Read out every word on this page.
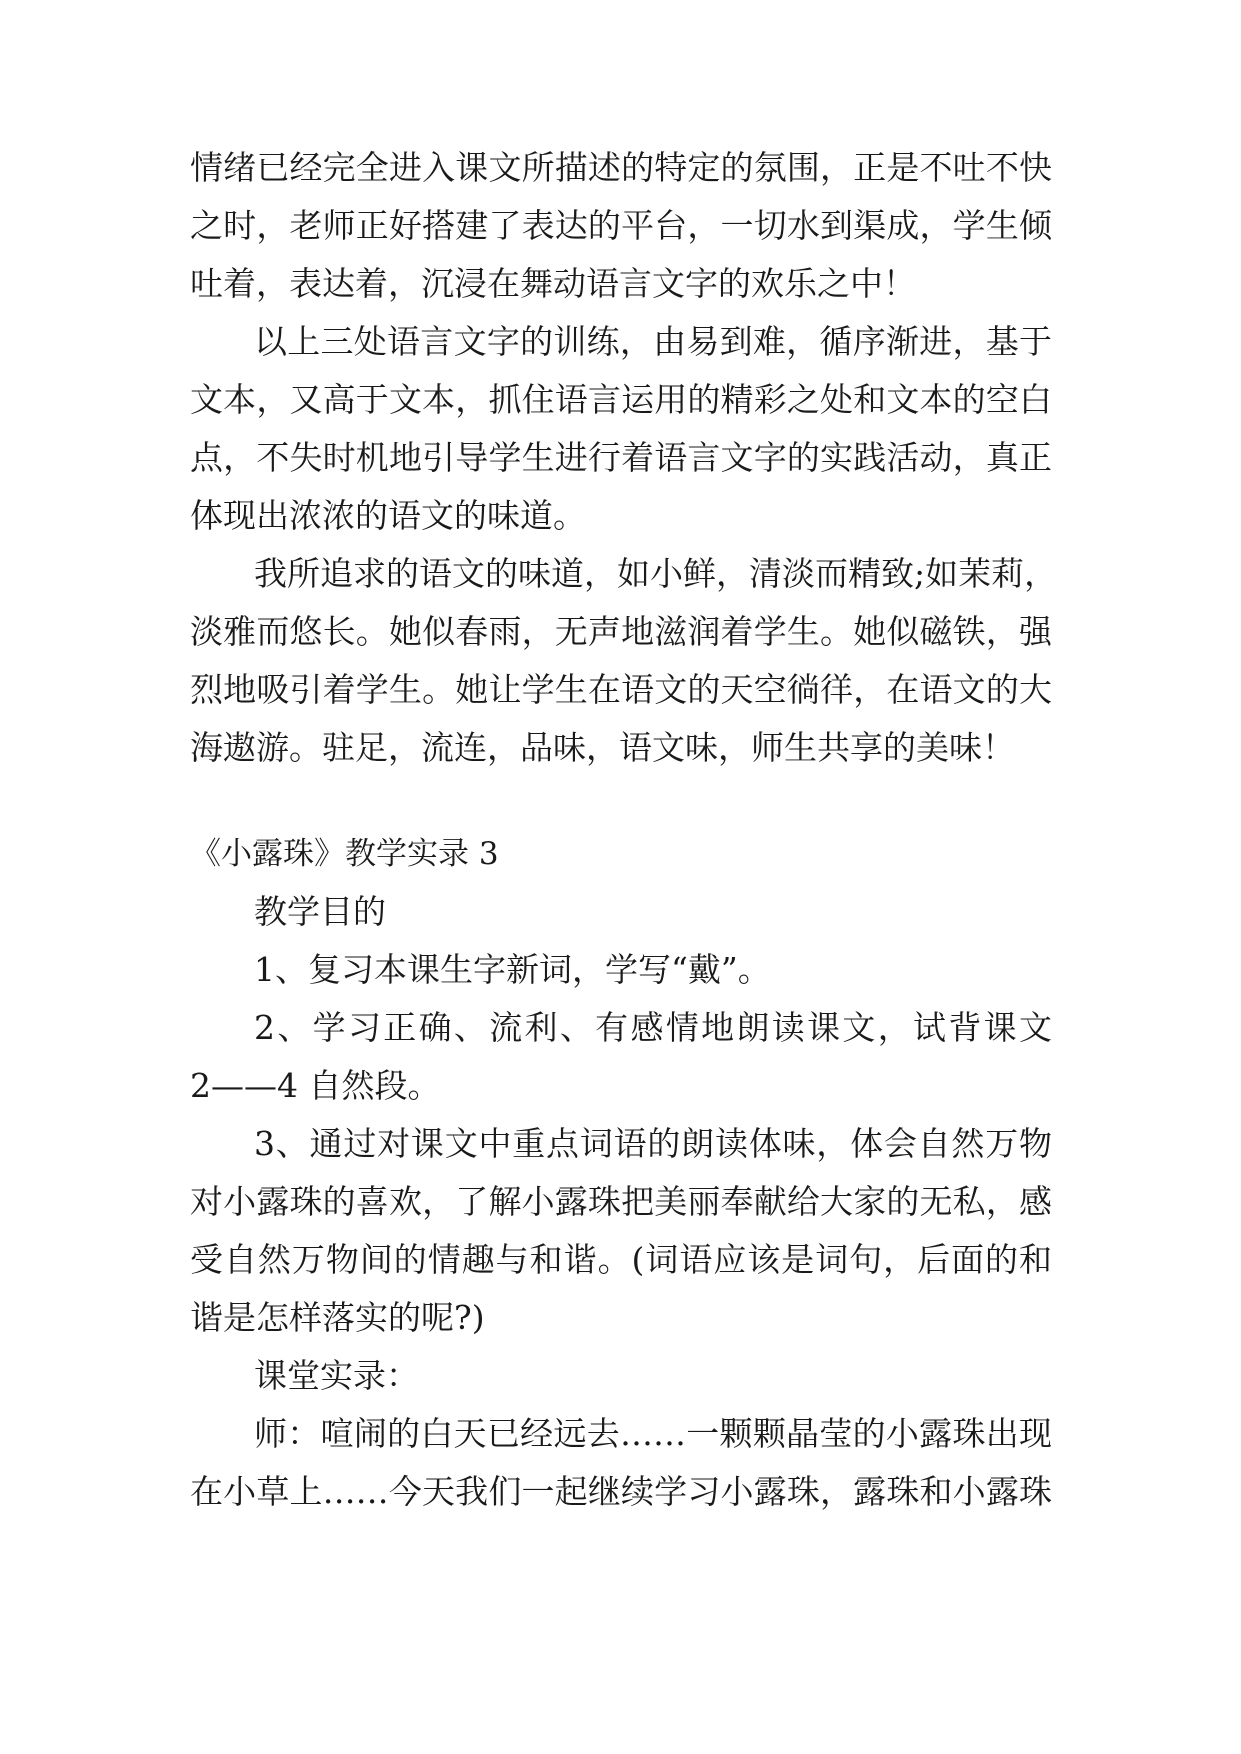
情绪已经完全进入课文所描述的特定的氛围，正是不吐不快
之时，老师正好搭建了表达的平台，一切水到渠成，学生倾
吐着，表达着，沉浸在舞动语言文字的欢乐之中！
以上三处语言文字的训练，由易到难，循序渐进，基于
文本，又高于文本，抓住语言运用的精彩之处和文本的空白
点，不失时机地引导学生进行着语言文字的实践活动，真正
体现出浓浓的语文的味道。
我所追求的语文的味道，如小鲜，清淡而精致;如茉莉，
淡雅而悠长。她似春雨，无声地滋润着学生。她似磁铁，强
烈地吸引着学生。她让学生在语文的天空徜徉，在语文的大
海遨游。驻足，流连，品味，语文味，师生共享的美味！
《小露珠》教学实录 3
教学目的
1、复习本课生字新词，学写“戴”。
2、学习正确、流利、有感情地朗读课文，试背课文
2——4 自然段。
3、通过对课文中重点词语的朗读体味，体会自然万物
对小露珠的喜欢，了解小露珠把美丽奉献给大家的无私，感
受自然万物间的情趣与和谐。(词语应该是词句，后面的和
谐是怎样落实的呢?)
课堂实录：
师：喧闹的白天已经远去……一颗颗晶莹的小露珠出现
在小草上……今天我们一起继续学习小露珠，露珠和小露珠
